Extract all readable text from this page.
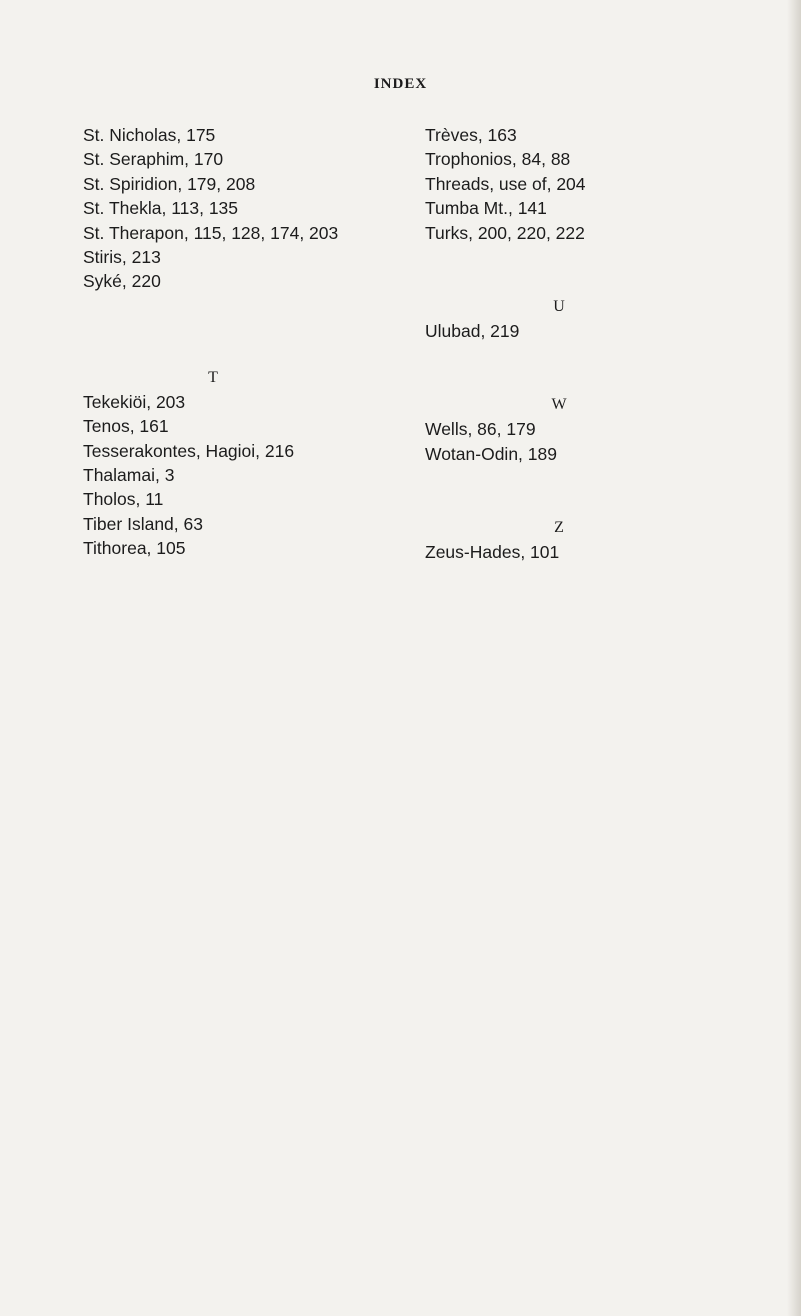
INDEX
St. Nicholas, 175
St. Seraphim, 170
St. Spiridion, 179, 208
St. Thekla, 113, 135
St. Therapon, 115, 128, 174, 203
Stiris, 213
Syké, 220
T
Tekekiöi, 203
Tenos, 161
Tesserakontes, Hagioi, 216
Thalamai, 3
Tholos, 11
Tiber Island, 63
Tithorea, 105
Trèves, 163
Trophonios, 84, 88
Threads, use of, 204
Tumba Mt., 141
Turks, 200, 220, 222
U
Ulubad, 219
W
Wells, 86, 179
Wotan-Odin, 189
Z
Zeus-Hades, 101
